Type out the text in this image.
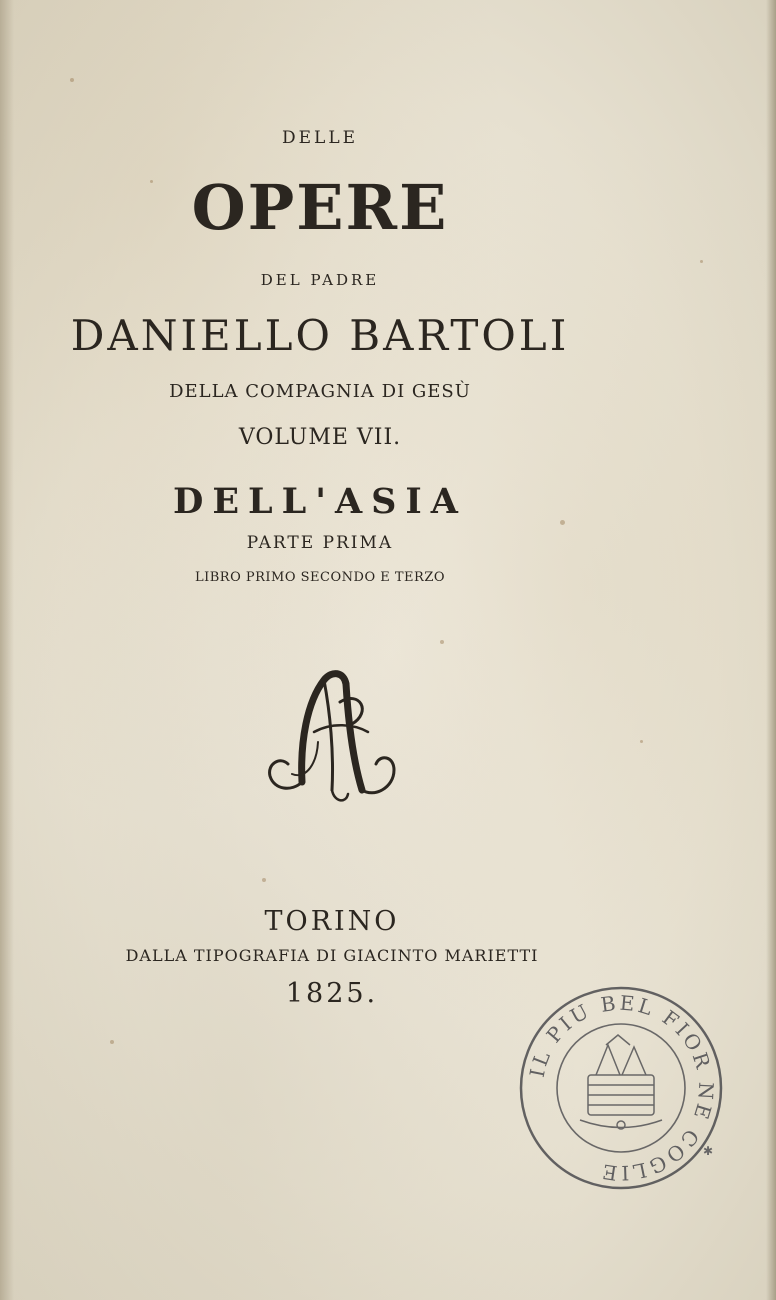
DELLE

OPERE

DEL PADRE

DANIELLO BARTOLI

DELLA COMPAGNIA DI GESÙ

VOLUME VII.

DELL'ASIA

PARTE PRIMA

LIBRO PRIMO SECONDO E TERZO

TORINO

DALLA TIPOGRAFIA DI GIACINTO MARIETTI

1825.

IL PIU BEL FIOR NE COGLIE
✱
